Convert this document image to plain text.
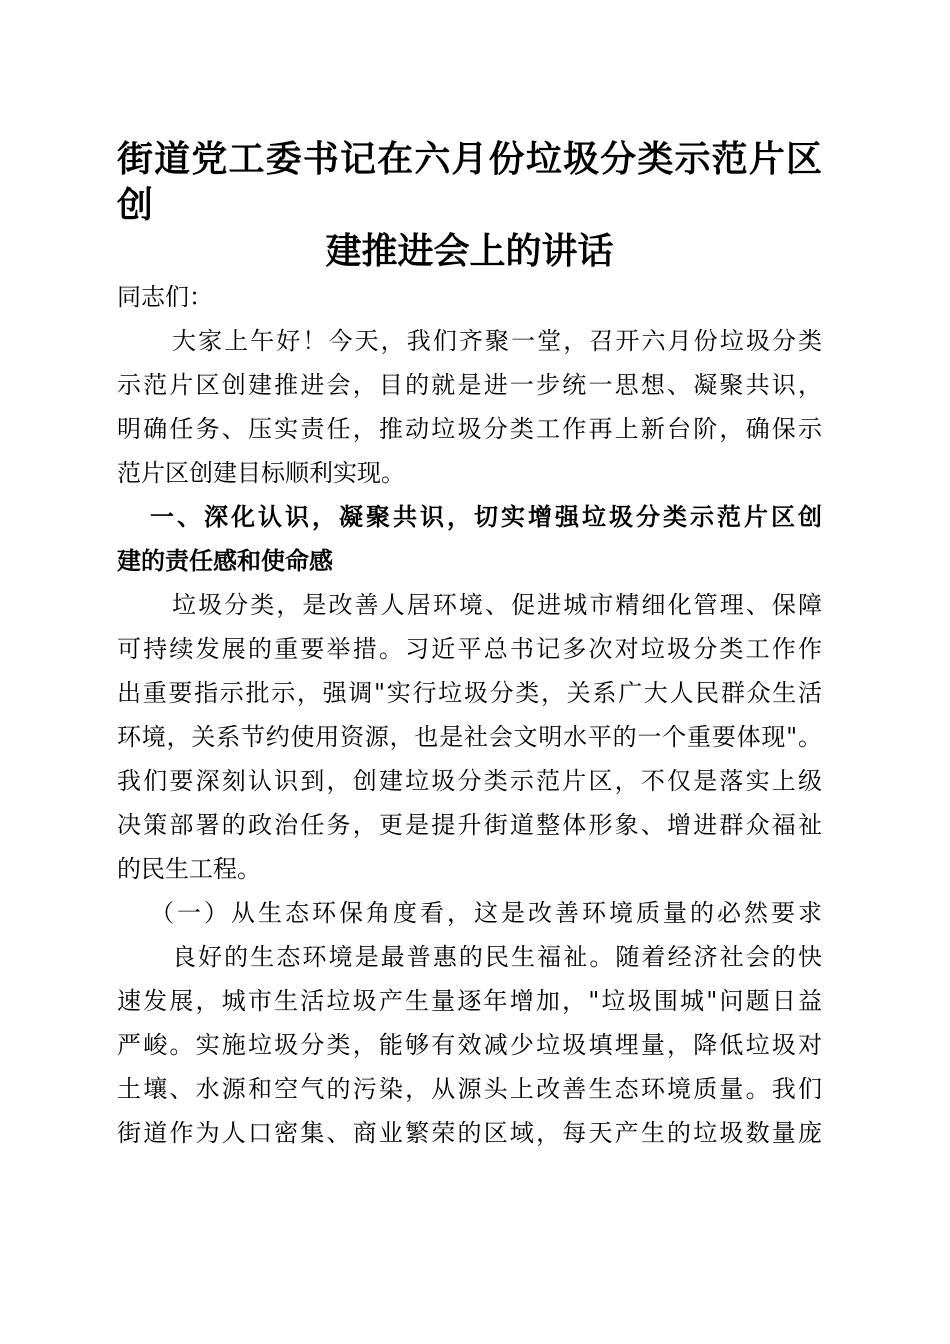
街道党工委书记在六月份垃圾分类示范片区创
建推进会上的讲话
同志们：
大​家​上​午​好​！​今​天​，​我​们​齐​聚​一​堂​，​召​开​六​月​份​垃​圾​分​类
示​范​片​区​创​建​推​进​会​，​目​的​就​是​进​一​步​统​一​思​想​、​凝​聚​共​识​，
明​确​任​务​、​压​实​责​任​，​推​动​垃​圾​分​类​工​作​再​上​新​台​阶​，​确​保​示
范片区创建目标顺利实现。
一​、​深​化​认​识​，​凝​聚​共​识​，​切​实​增​强​垃​圾​分​类​示​范​片​区​创
建的责任感和使命感
垃​圾​分​类​，​是​改​善​人​居​环​境​、​促​进​城​市​精​细​化​管​理​、​保​障
可​持​续​发​展​的​重​要​举​措​。​习​近​平​总​书​记​多​次​对​垃​圾​分​类​工​作​作
出​重​要​指​示​批​示​，​强​调​"​实​行​垃​圾​分​类​，​关​系​广​大​人​民​群​众​生​活
环​境​，​关​系​节​约​使​用​资​源​，​也​是​社​会​文​明​水​平​的​一​个​重​要​体​现​"​。
我​们​要​深​刻​认​识​到​，​创​建​垃​圾​分​类​示​范​片​区​，​不​仅​是​落​实​上​级
决​策​部​署​的​政​治​任​务​，​更​是​提​升​街​道​整​体​形​象​、​增​进​群​众​福​祉
的民生工程。
（​一​）​从​生​态​环​保​角​度​看​，​这​是​改​善​环​境​质​量​的​必​然​要​求
良​好​的​生​态​环​境​是​最​普​惠​的​民​生​福​祉​。​随​着​经​济​社​会​的​快
速​发​展​，​城​市​生​活​垃​圾​产​生​量​逐​年​增​加​，​"​垃​圾​围​城​"​问​题​日​益
严​峻​。​实​施​垃​圾​分​类​，​能​够​有​效​减​少​垃​圾​填​埋​量​，​降​低​垃​圾​对
土​壤​、​水​源​和​空​气​的​污​染​，​从​源​头​上​改​善​生​态​环​境​质​量​。​我​们
街​道​作​为​人​口​密​集​、​商​业​繁​荣​的​区​域​，​每​天​产​生​的​垃​圾​数​量​庞
